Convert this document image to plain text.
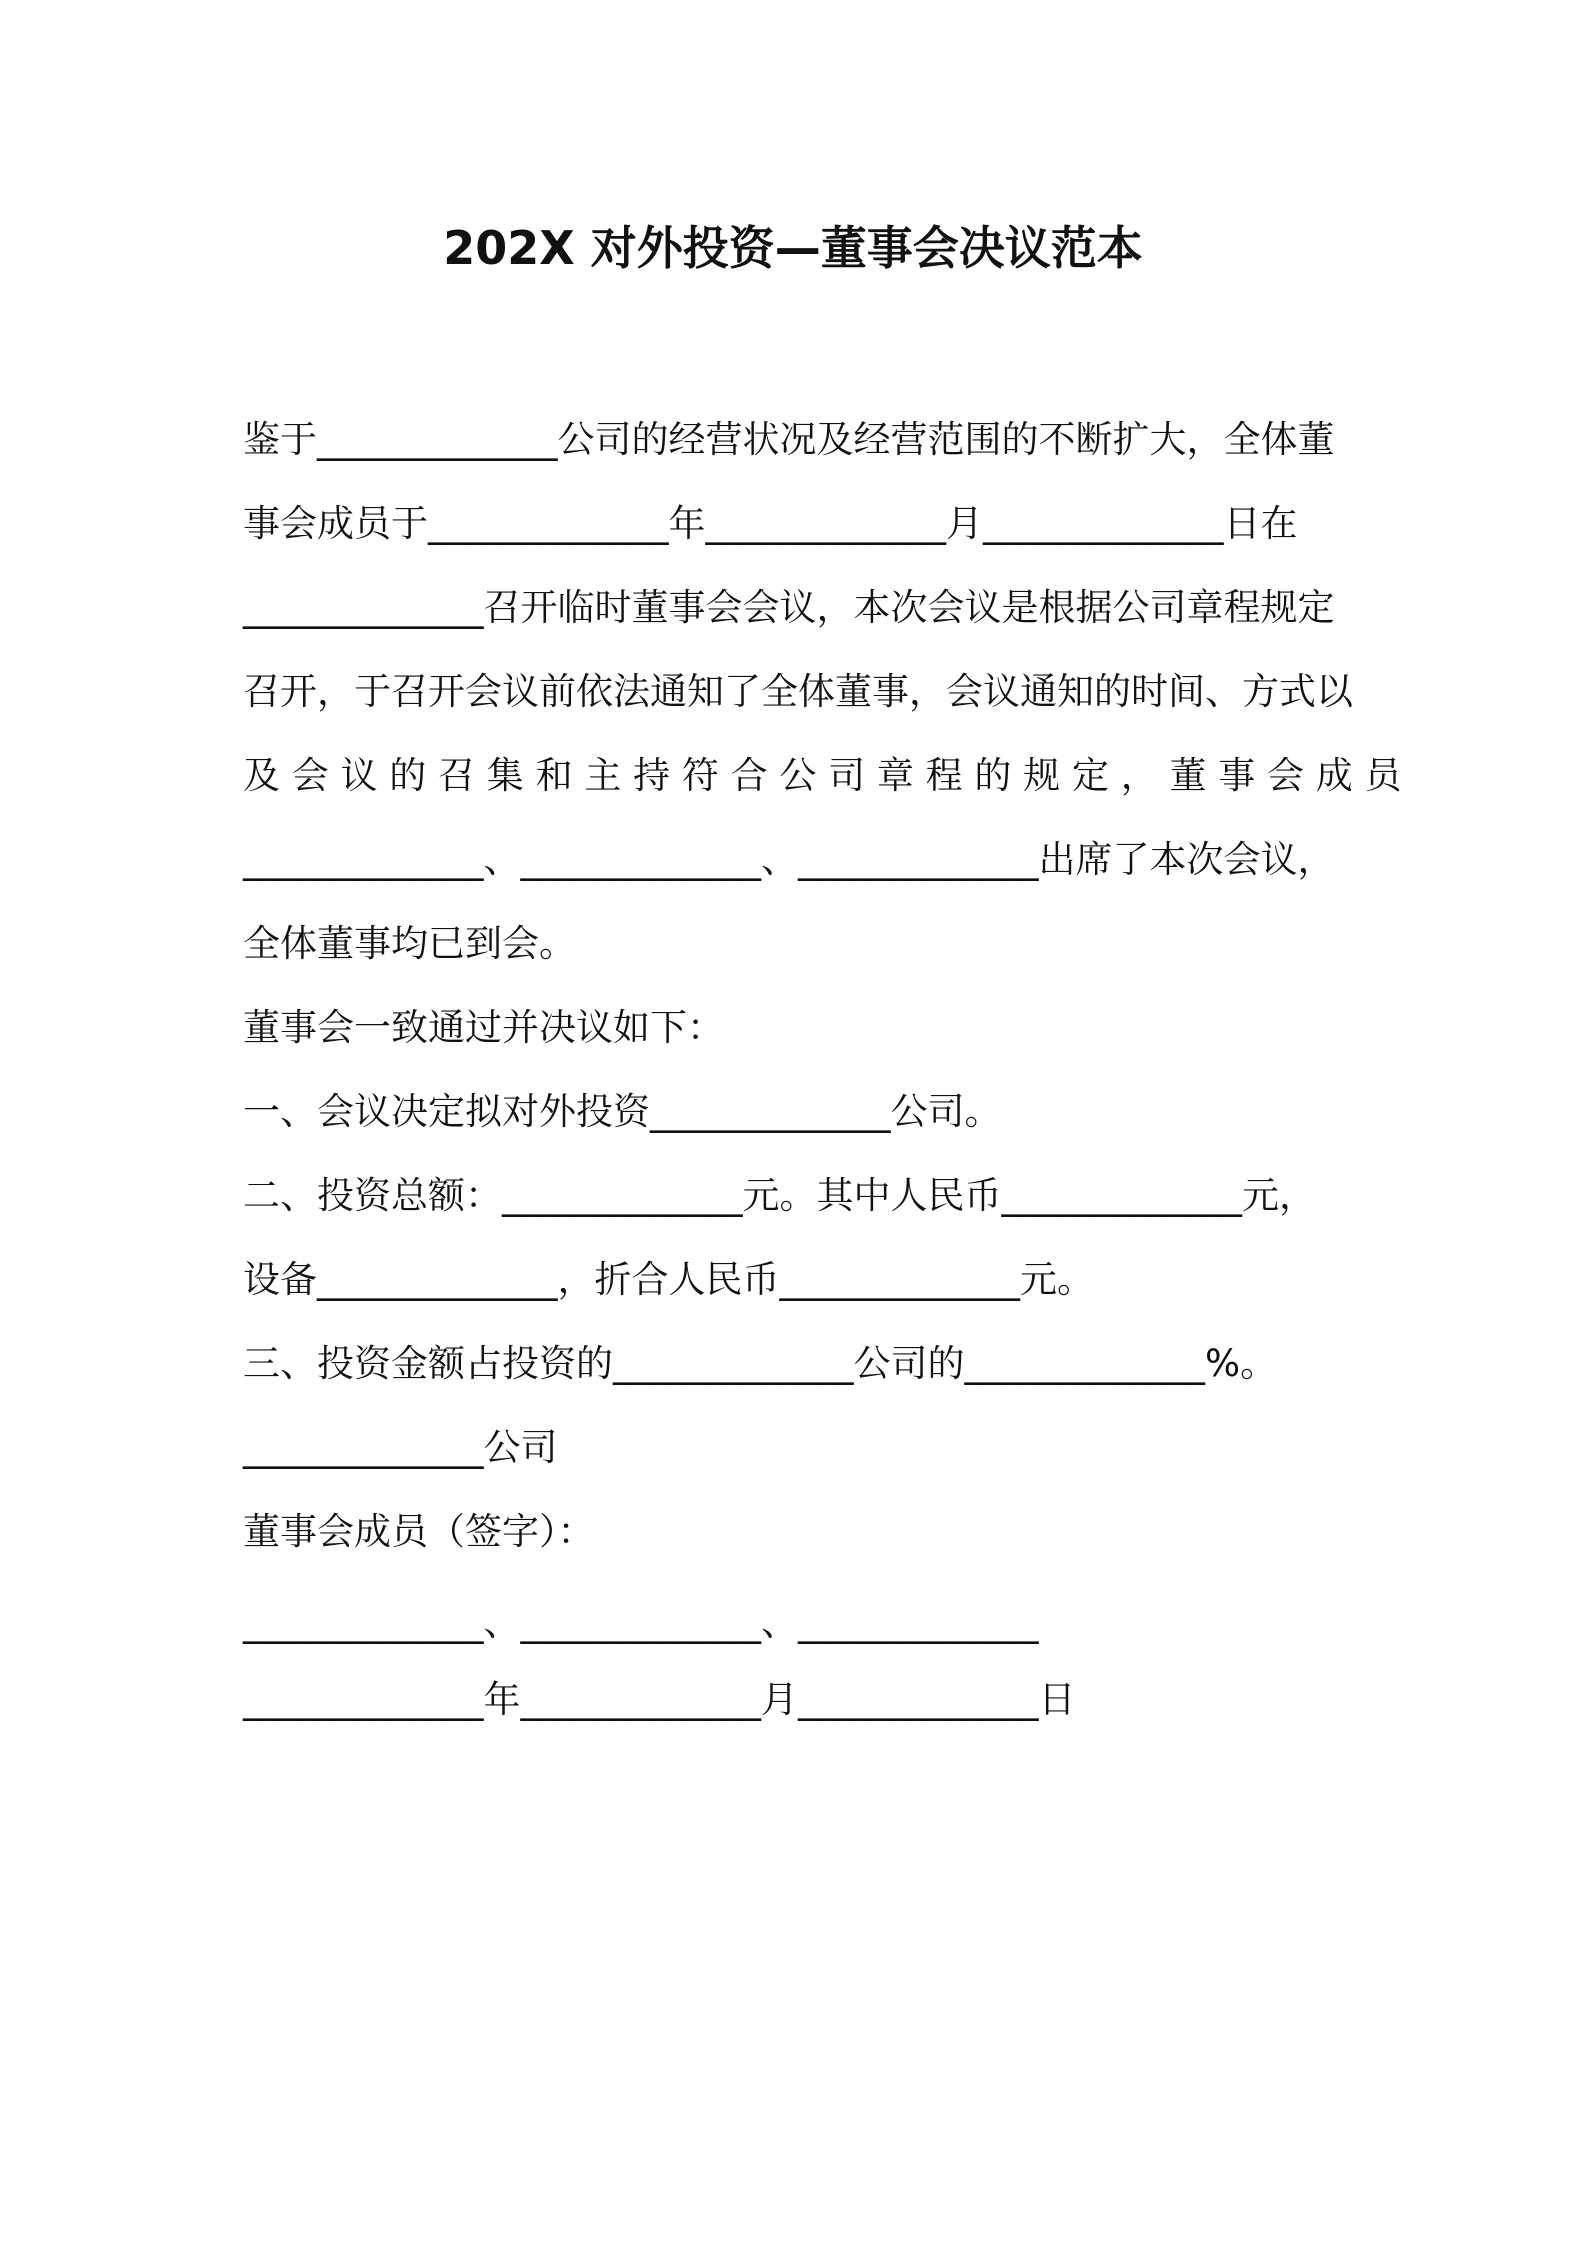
202X 对外投资—董事会决议范本
鉴于_____________公司的经营状况及经营范围的不断扩大，全体董
事会成员于_____________年_____________月_____________日在
_____________召开临时董事会会议，本次会议是根据公司章程规定
召开，于召开会议前依法通知了全体董事，会议通知的时间、方式以
及 会 议 的 召 集 和 主 持 符 合 公 司 章 程 的 规 定 ， 董 事 会 成 员
_____________、_____________、_____________出席了本次会议，
全体董事均已到会。
董事会一致通过并决议如下：
一、会议决定拟对外投资_____________公司。
二、投资总额：_____________元。其中人民币_____________元，
设备_____________，折合人民币_____________元。
三、投资金额占投资的_____________公司的_____________%。
_____________公司
董事会成员（签字）：
_____________、_____________、_____________
_____________年_____________月_____________日
